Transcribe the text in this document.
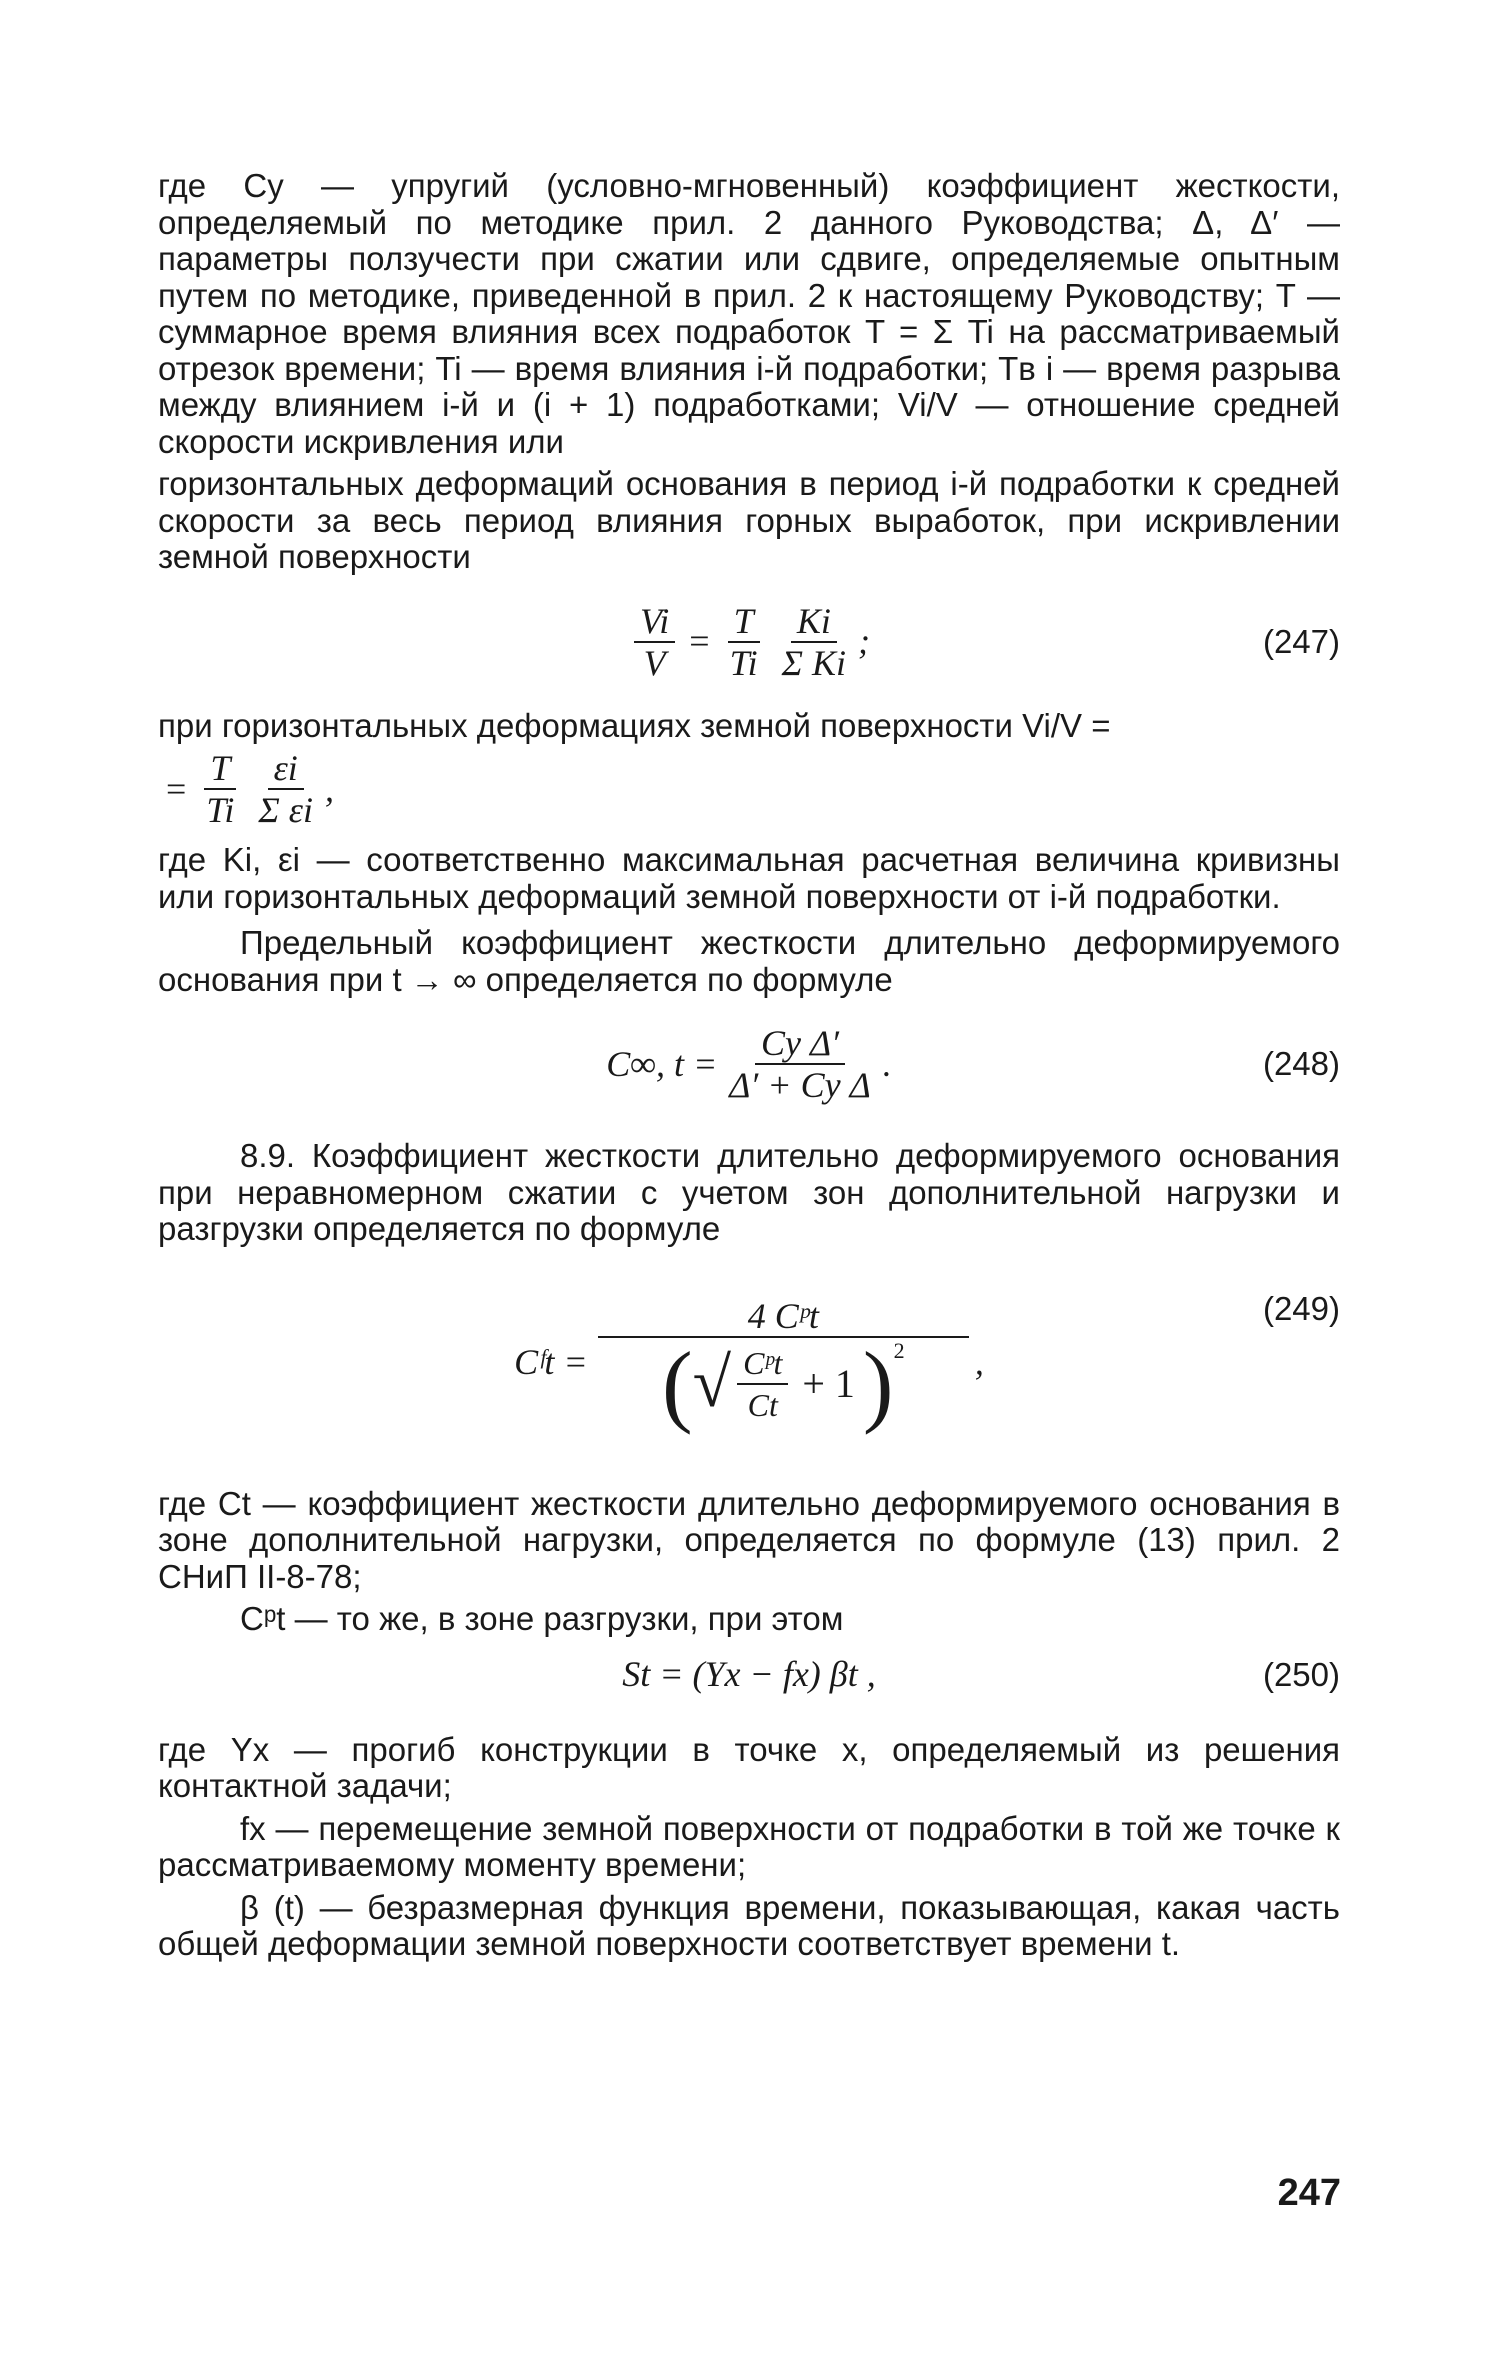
где Cу — упругий (условно-мгновенный) коэффициент жесткости, определяемый по методике прил. 2 данного Руководства; Δ, Δ′ — параметры ползучести при сжатии или сдвиге, определяемые опытным путем по методике, приведенной в прил. 2 к настоящему Руководству; T — суммарное время влияния всех подработок T = Σ Ti на рассматриваемый отрезок времени; Ti — время влияния i-й подработки; Tв i — время разрыва между влиянием i-й и (i + 1) подработками; Vi/V — отношение средней скорости искривления или

горизонтальных деформаций основания в период i-й подработки к средней скорости за весь период влияния горных выработок, при искривлении земной поверхности

$\frac{Vi}{V} = \frac{T}{Ti} \frac{Ki}{\text{Σ Ki}}$ ;	(247)

при горизонтальных деформациях земной поверхности Vi/V =

= $\frac{T}{Ti} \frac{\varepsilon i}{\text{Σ εi}}$ ,

где Ki, εi — соответственно максимальная расчетная величина кривизны или горизонтальных деформаций земной поверхности от i-й подработки.

Предельный коэффициент жесткости длительно деформируемого основания при t → ∞ определяется по формуле

C∞, $t = \frac{\text{Cу Δ′}}{\text{Δ′ + Cу Δ}}$ .	(248)

8.9. Коэффициент жесткости длительно деформируемого основания при неравномерном сжатии с учетом зон дополнительной нагрузки и разгрузки определяется по формуле

Cᶠt =
4 Cᵖt
( √ $\frac{\text{Cᵖt}}{Ct} + 1$ )$^2$ ,
(249)

где Ct — коэффициент жесткости длительно деформируемого основания в зоне дополнительной нагрузки, определяется по формуле (13) прил. 2 СНиП II-8-78;

Cᵖt — то же, в зоне разгрузки, при этом

St = (Yx − fx) βt ,	(250)

где Yx — прогиб конструкции в точке x, определяемый из решения контактной задачи;

fx — перемещение земной поверхности от подработки в той же точке к рассматриваемому моменту времени;

β (t) — безразмерная функция времени, показывающая, какая часть общей деформации земной поверхности соответствует времени t.

247
